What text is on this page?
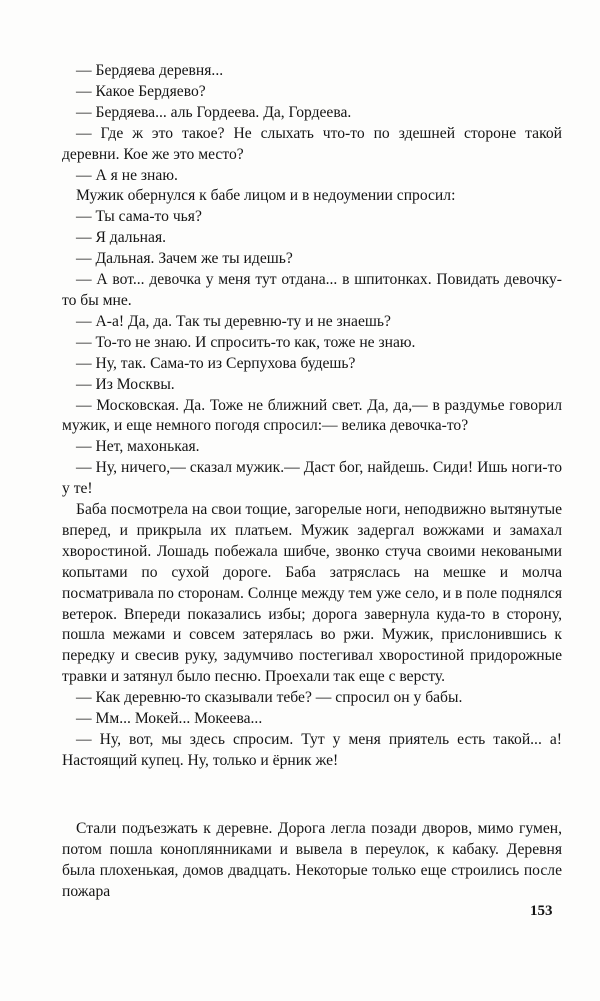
— Бердяева деревня...

— Какое Бердяево?

— Бердяева... аль Гордеева. Да, Гордеева.

— Где ж это такое? Не слыхать что-то по здешней стороне такой деревни. Кое же это место?

— А я не знаю.

Мужик обернулся к бабе лицом и в недоумении спросил:

— Ты сама-то чья?

— Я дальная.

— Дальная. Зачем же ты идешь?

— А вот... девочка у меня тут отдана... в шпитонках. Повидать девочку-то бы мне.

— А-а! Да, да. Так ты деревню-ту и не знаешь?

— То-то не знаю. И спросить-то как, тоже не знаю.

— Ну, так. Сама-то из Серпухова будешь?

— Из Москвы.

— Московская. Да. Тоже не ближний свет. Да, да,— в раздумье говорил мужик, и еще немного погодя спросил:— велика девочка-то?

— Нет, махонькая.

— Ну, ничего,— сказал мужик.— Даст бог, найдешь. Сиди! Ишь ноги-то у те!

Баба посмотрела на свои тощие, загорелые ноги, неподвижно вытянутые вперед, и прикрыла их платьем. Мужик задергал вожжами и замахал хворостиной. Лошадь побежала шибче, звонко стуча своими нековаными копытами по сухой дороге. Баба затряслась на мешке и молча посматривала по сторонам. Солнце между тем уже село, и в поле поднялся ветерок. Впереди показались избы; дорога завернула куда-то в сторону, пошла межами и совсем затерялась во ржи. Мужик, прислонившись к передку и свесив руку, задумчиво постегивал хворостиной придорожные травки и затянул было песню. Проехали так еще с версту.

— Как деревню-то сказывали тебе? — спросил он у бабы.

— Мм... Мокей... Мокеева...

— Ну, вот, мы здесь спросим. Тут у меня приятель есть такой... а! Настоящий купец. Ну, только и ёрник же!

Стали подъезжать к деревне. Дорога легла позади дворов, мимо гумен, потом пошла коноплянниками и вывела в переулок, к кабаку. Деревня была плохенькая, домов двадцать. Некоторые только еще строились после пожара

153
